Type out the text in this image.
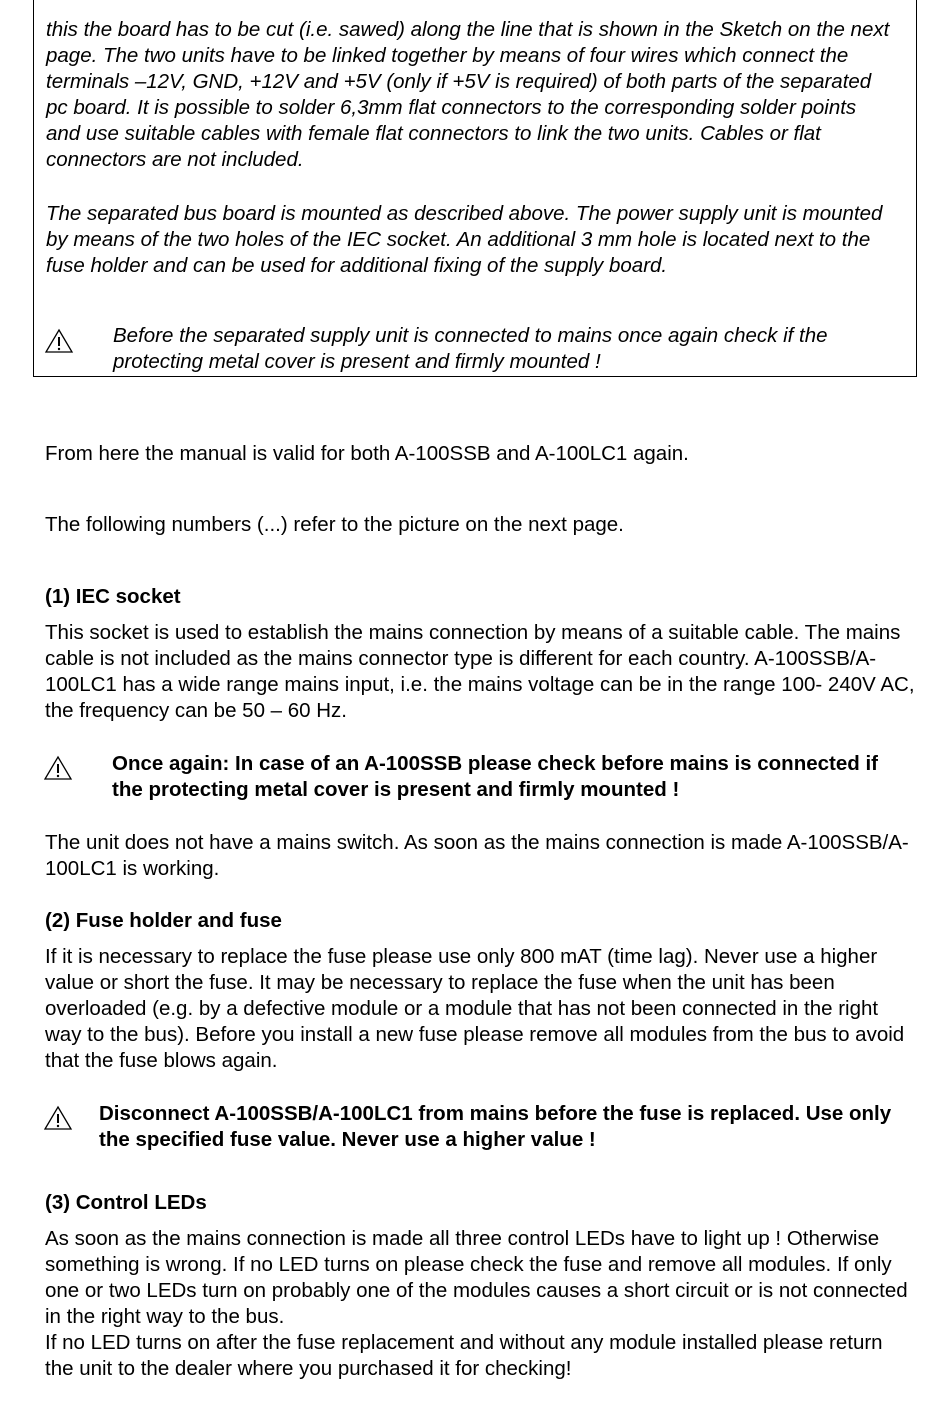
this the board has to be cut (i.e. sawed) along the line that is shown in the Sketch on the next page. The two units have to be linked together by means of four wires which connect the terminals –12V, GND, +12V and +5V (only if +5V is required) of both parts of the separated pc board. It is possible to solder 6,3mm flat connectors to the corresponding solder points and use suitable cables with female flat connectors to link the two units. Cables or flat connectors are not included.

The separated bus board is mounted as described above. The power supply unit is mounted by means of the two holes of the IEC socket. An additional 3 mm hole is located next to the fuse holder and can be used for additional fixing of the supply board.

Before the separated supply unit is connected to mains once again check if the protecting metal cover is present and firmly mounted !

From here the manual is valid for both A-100SSB and A-100LC1 again.

The following numbers (...) refer to the picture on the next page.

(1) IEC socket

This socket is used to establish the mains connection by means of a suitable cable. The mains cable is not included as the mains connector type is different for each country. A-100SSB/A-100LC1 has a wide range mains input, i.e. the mains voltage can be in the range 100- 240V AC, the frequency can be 50 – 60 Hz.

Once again: In case of an A-100SSB please check before mains is connected if the protecting metal cover is present and firmly mounted !

The unit does not have a mains switch. As soon as the mains connection is made A-100SSB/A-100LC1 is working.

(2) Fuse holder and fuse

If it is necessary to replace the fuse please use only 800 mAT (time lag). Never use a higher value or short the fuse. It may be necessary to replace the fuse when the unit has been overloaded (e.g. by a defective module or a module that has not been connected in the right way to the bus). Before you install a new fuse please remove all modules from the bus to avoid that the fuse blows again.

Disconnect A-100SSB/A-100LC1 from mains before the fuse is replaced. Use only the specified fuse value. Never use a higher value !

(3) Control LEDs

As soon as the mains connection is made all three control LEDs have to light up ! Otherwise something is wrong. If no LED turns on please check the fuse and remove all modules. If only one or two LEDs turn on probably one of the modules causes a short circuit or is not connected in the right way to the bus.

If no LED turns on after the fuse replacement and without any module installed please return the unit to the dealer where you purchased it for checking!
